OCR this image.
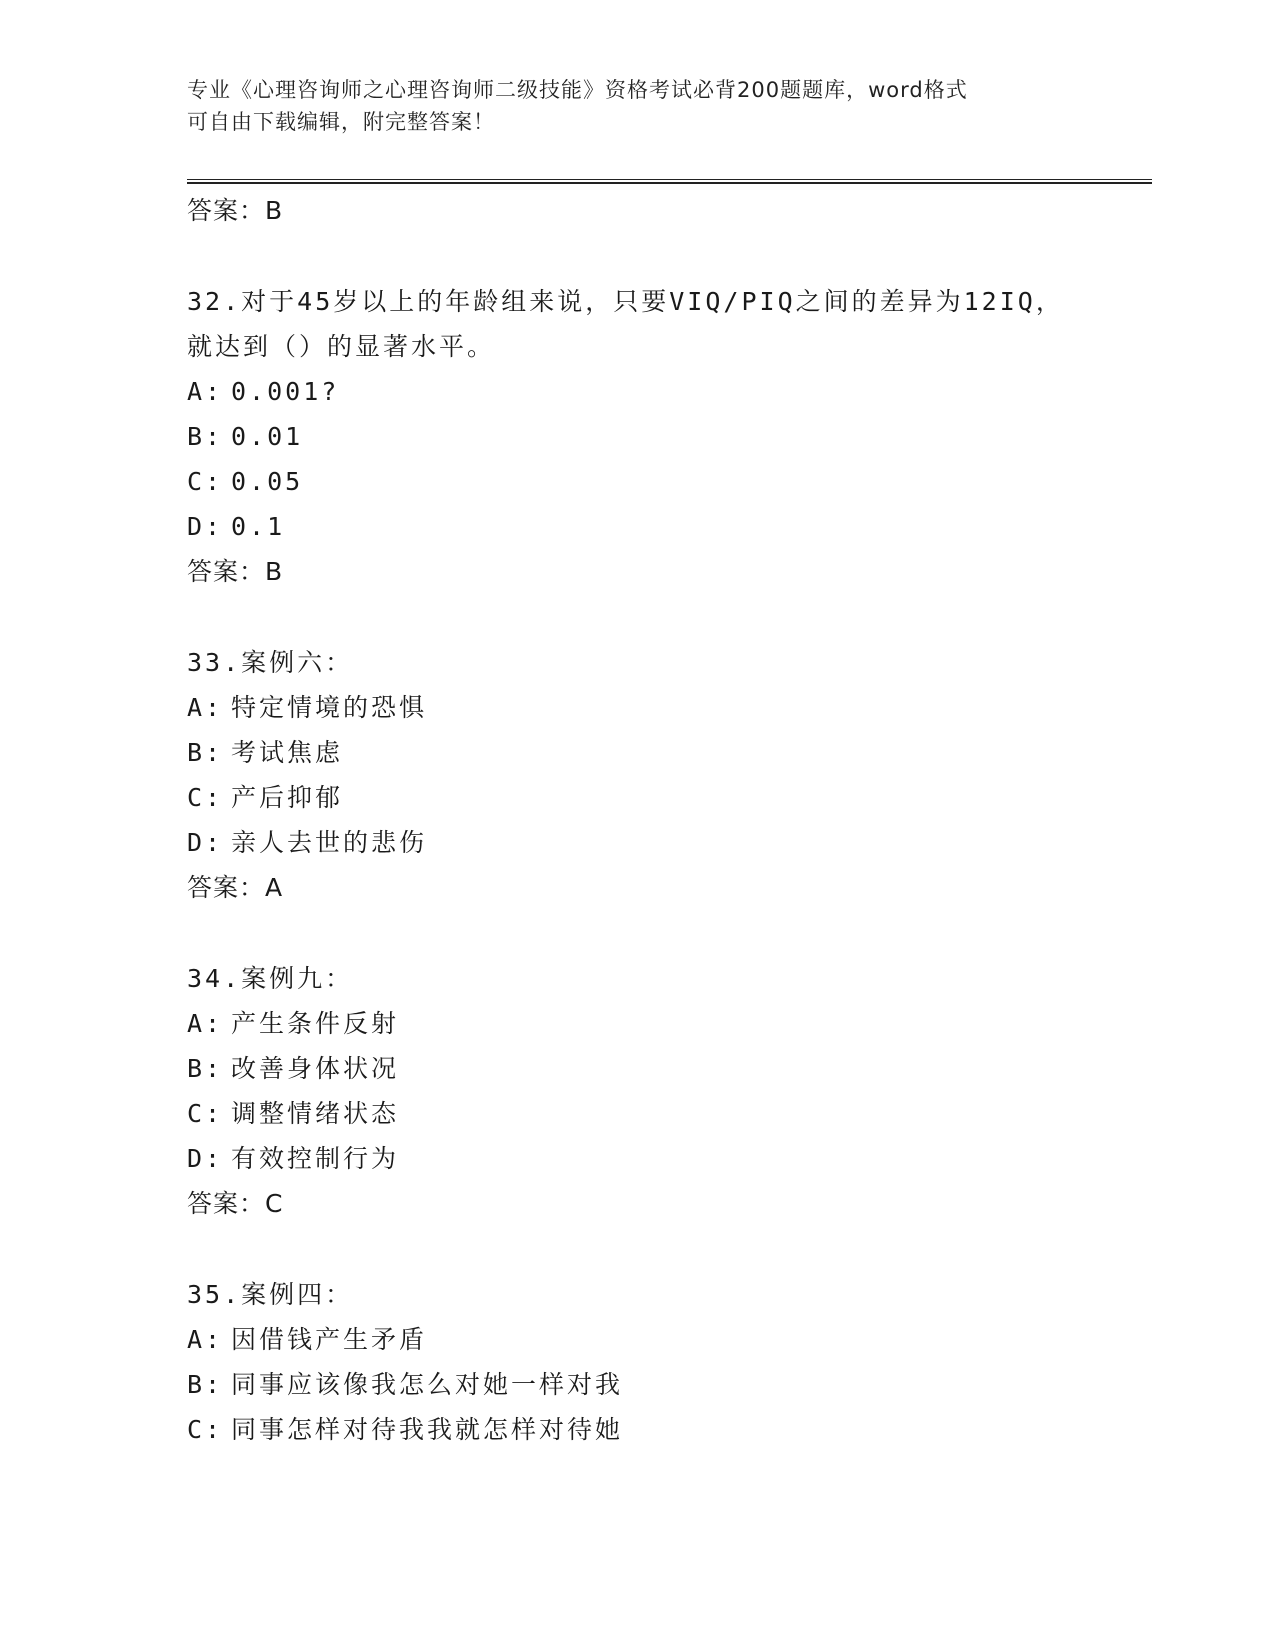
专业《心理咨询师之心理咨询师二级技能》资格考试必背200题题库，word格式
可自由下载编辑，附完整答案！
答案：B
32.对于45岁以上的年龄组来说，只要VIQ/PIQ之间的差异为12IQ，
就达到（）的显著水平。
A: 0.001?
B: 0.01
C: 0.05
D: 0.1
答案：B
33.案例六：
A: 特定情境的恐惧
B: 考试焦虑
C: 产后抑郁
D: 亲人去世的悲伤
答案：A
34.案例九：
A: 产生条件反射
B: 改善身体状况
C: 调整情绪状态
D: 有效控制行为
答案：C
35.案例四：
A: 因借钱产生矛盾
B: 同事应该像我怎么对她一样对我
C: 同事怎样对待我我就怎样对待她
